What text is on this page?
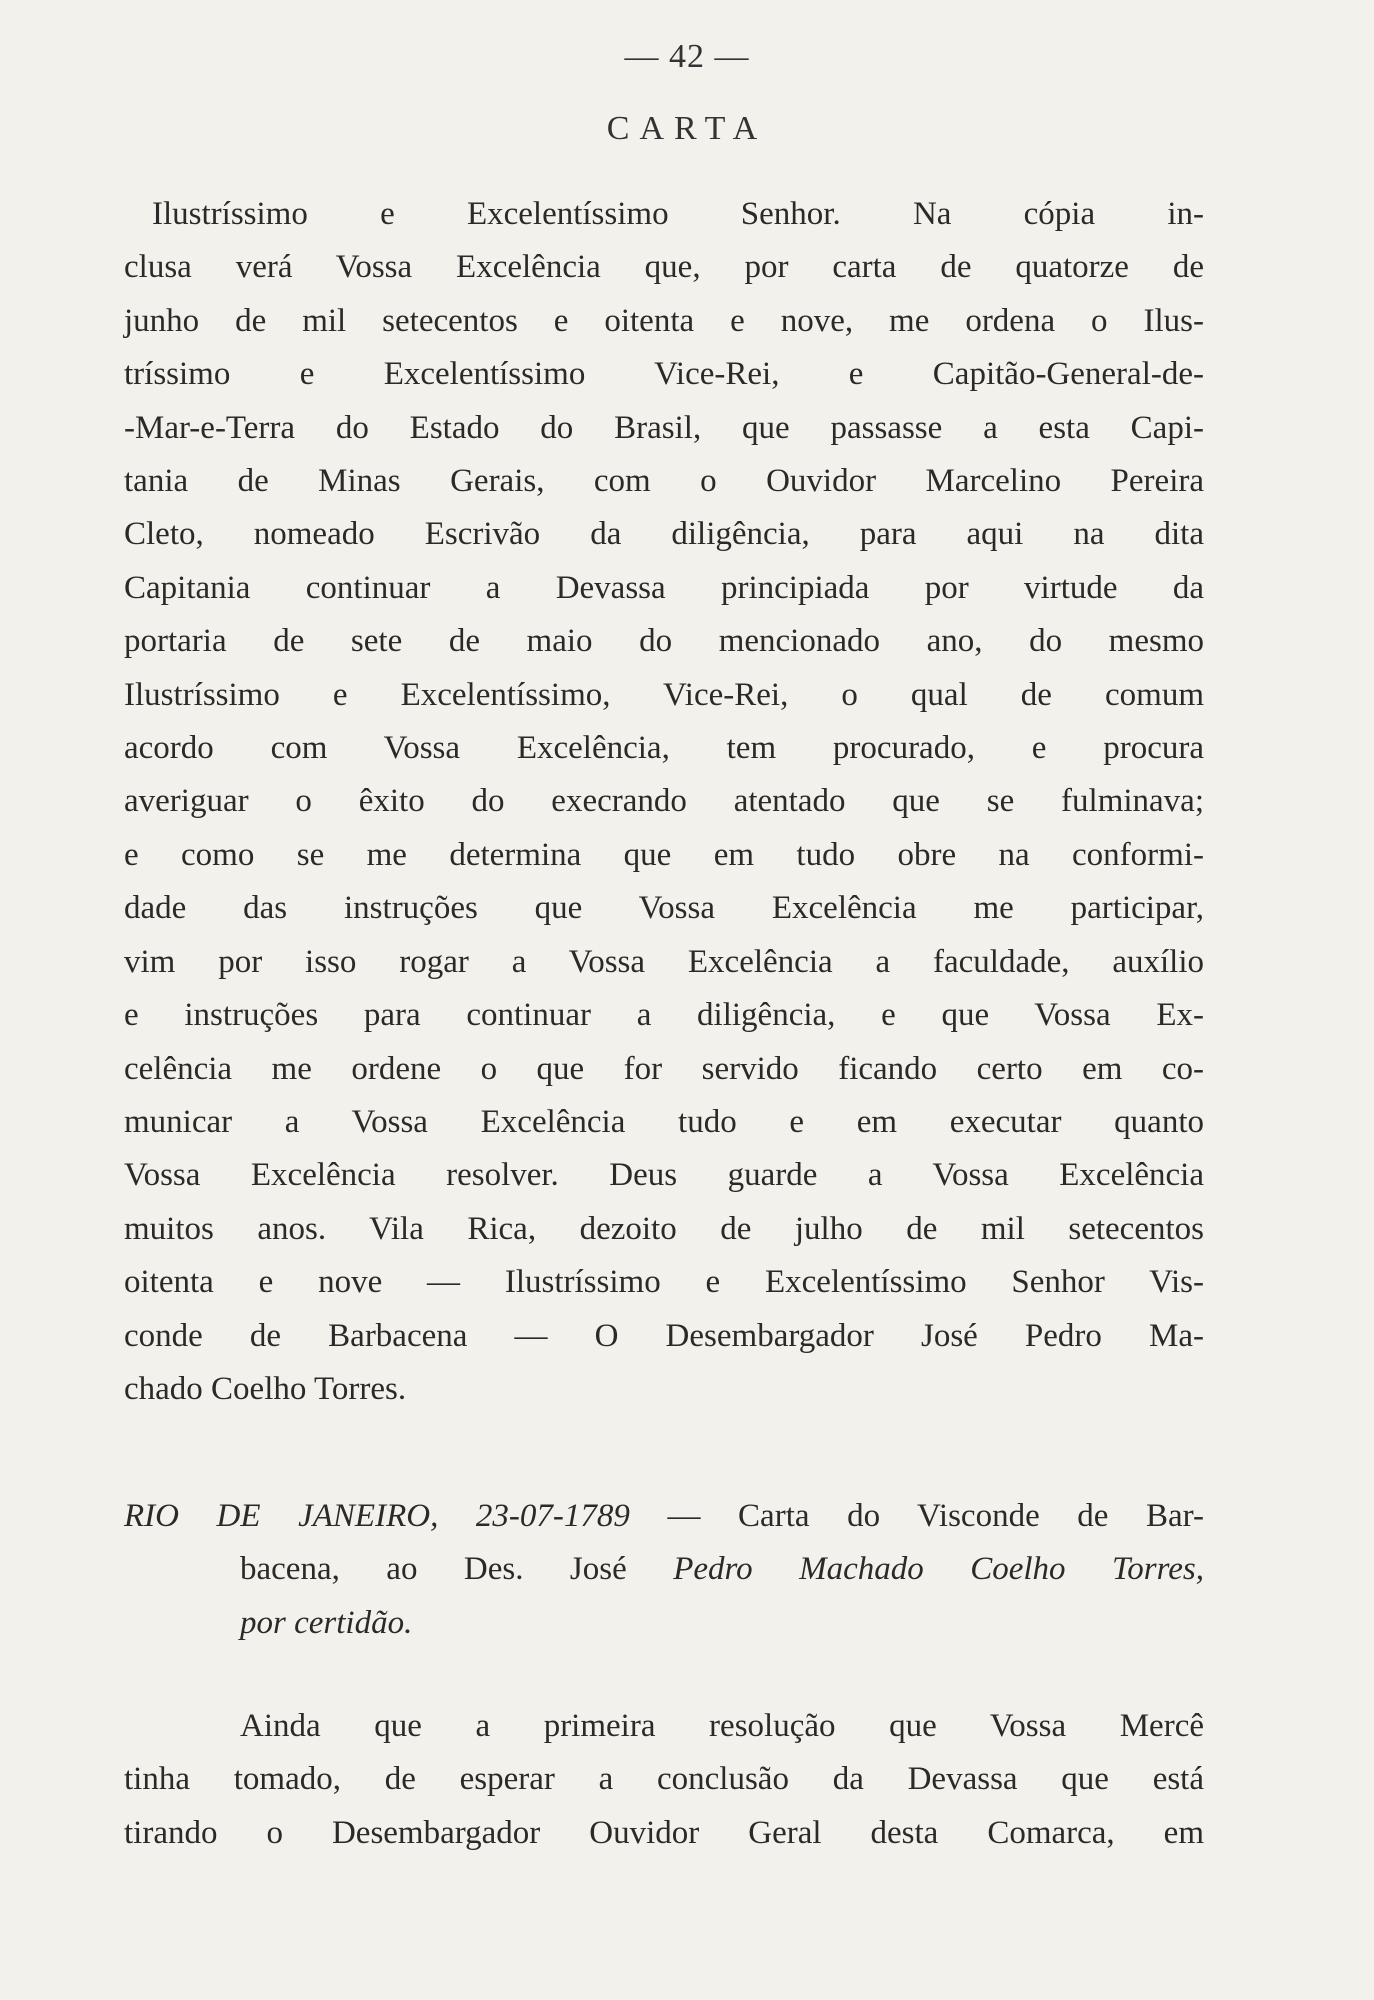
— 42 —
CARTA
Ilustríssimo e Excelentíssimo Senhor. Na cópia in-
clusa verá Vossa Excelência que, por carta de quatorze de
junho de mil setecentos e oitenta e nove, me ordena o Ilus-
tríssimo e Excelentíssimo Vice-Rei, e Capitão-General-de-
-Mar-e-Terra do Estado do Brasil, que passasse a esta Capi-
tania de Minas Gerais, com o Ouvidor Marcelino Pereira
Cleto, nomeado Escrivão da diligência, para aqui na dita
Capitania continuar a Devassa principiada por virtude da
portaria de sete de maio do mencionado ano, do mesmo
Ilustríssimo e Excelentíssimo, Vice-Rei, o qual de comum
acordo com Vossa Excelência, tem procurado, e procura
averiguar o êxito do execrando atentado que se fulminava;
e como se me determina que em tudo obre na conformi-
dade das instruções que Vossa Excelência me participar,
vim por isso rogar a Vossa Excelência a faculdade, auxílio
e instruções para continuar a diligência, e que Vossa Ex-
celência me ordene o que for servido ficando certo em co-
municar a Vossa Excelência tudo e em executar quanto
Vossa Excelência resolver. Deus guarde a Vossa Excelência
muitos anos. Vila Rica, dezoito de julho de mil setecentos
oitenta e nove — Ilustríssimo e Excelentíssimo Senhor Vis-
conde de Barbacena — O Desembargador José Pedro Ma-
chado Coelho Torres.
RIO DE JANEIRO, 23-07-1789 — Carta do Visconde de Bar-
bacena, ao Des. José Pedro Machado Coelho Torres,
por certidão.
Ainda que a primeira resolução que Vossa Mercê
tinha tomado, de esperar a conclusão da Devassa que está
tirando o Desembargador Ouvidor Geral desta Comarca, em
